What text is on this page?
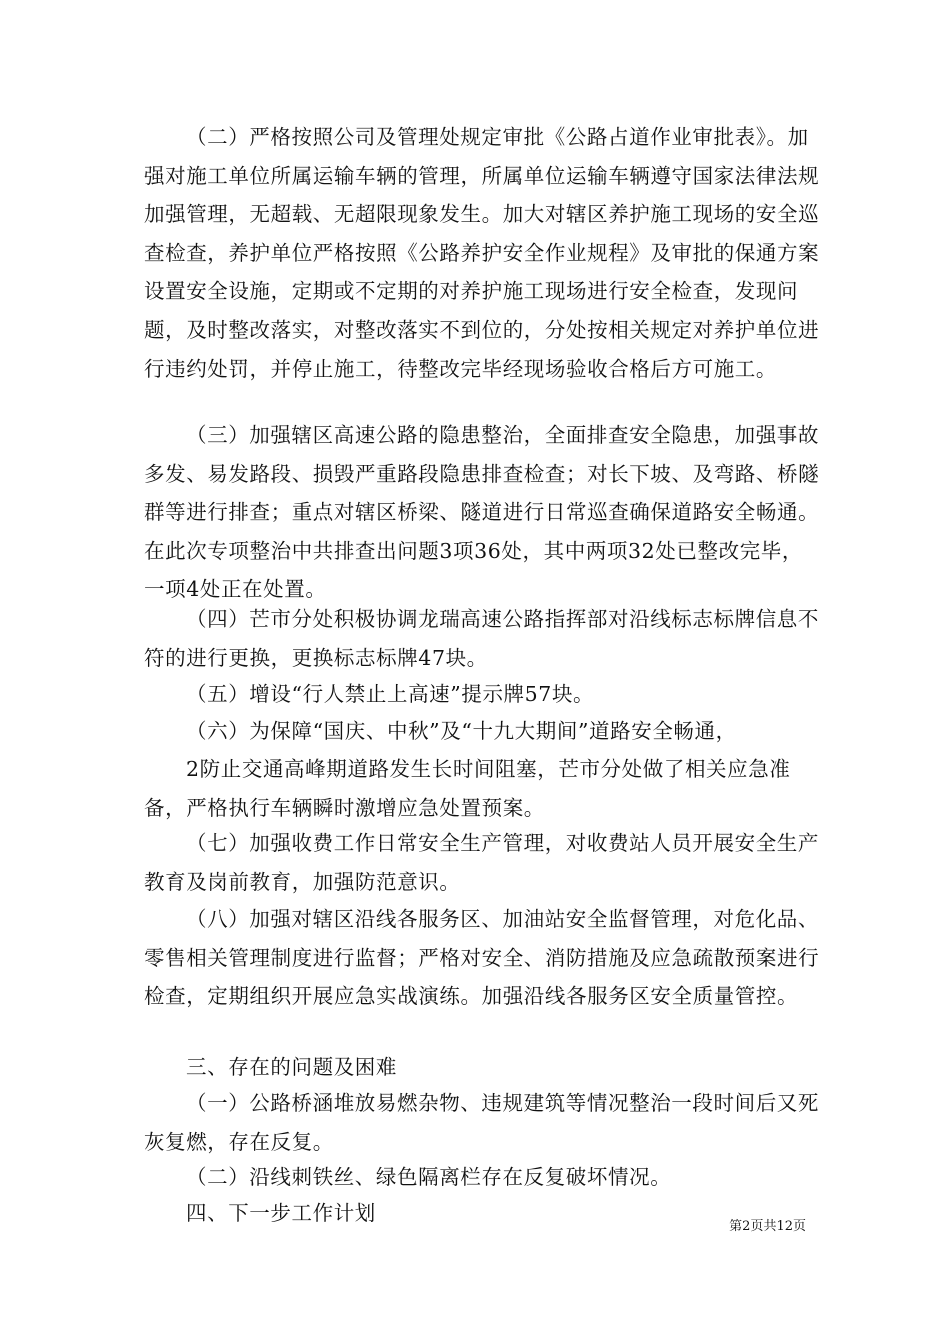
（二）严格按照公司及管理处规定审批《公路占道作业审批表》。加强对施工单位所属运输车辆的管理，所属单位运输车辆遵守国家法律法规加强管理，无超载、无超限现象发生。加大对辖区养护施工现场的安全巡查检查，养护单位严格按照《公路养护安全作业规程》及审批的保通方案设置安全设施，定期或不定期的对养护施工现场进行安全检查，发现问题，及时整改落实，对整改落实不到位的，分处按相关规定对养护单位进行违约处罚，并停止施工，待整改完毕经现场验收合格后方可施工。

（三）加强辖区高速公路的隐患整治，全面排查安全隐患，加强事故多发、易发路段、损毁严重路段隐患排查检查；对长下坡、及弯路、桥隧群等进行排查；重点对辖区桥梁、隧道进行日常巡查确保道路安全畅通。在此次专项整治中共排查出问题3项36处，其中两项32处已整改完毕，一项4处正在处置。

（四）芒市分处积极协调龙瑞高速公路指挥部对沿线标志标牌信息不符的进行更换，更换标志标牌47块。

（五）增设“行人禁止上高速”提示牌57块。

（六）为保障“国庆、中秋”及“十九大期间”道路安全畅通，

2防止交通高峰期道路发生长时间阻塞，芒市分处做了相关应急准备，严格执行车辆瞬时激增应急处置预案。

（七）加强收费工作日常安全生产管理，对收费站人员开展安全生产教育及岗前教育，加强防范意识。

（八）加强对辖区沿线各服务区、加油站安全监督管理，对危化品、零售相关管理制度进行监督；严格对安全、消防措施及应急疏散预案进行检查，定期组织开展应急实战演练。加强沿线各服务区安全质量管控。

三、存在的问题及困难

（一）公路桥涵堆放易燃杂物、违规建筑等情况整治一段时间后又死灰复燃，存在反复。

（二）沿线刺铁丝、绿色隔离栏存在反复破坏情况。

四、下一步工作计划

第2页共12页
